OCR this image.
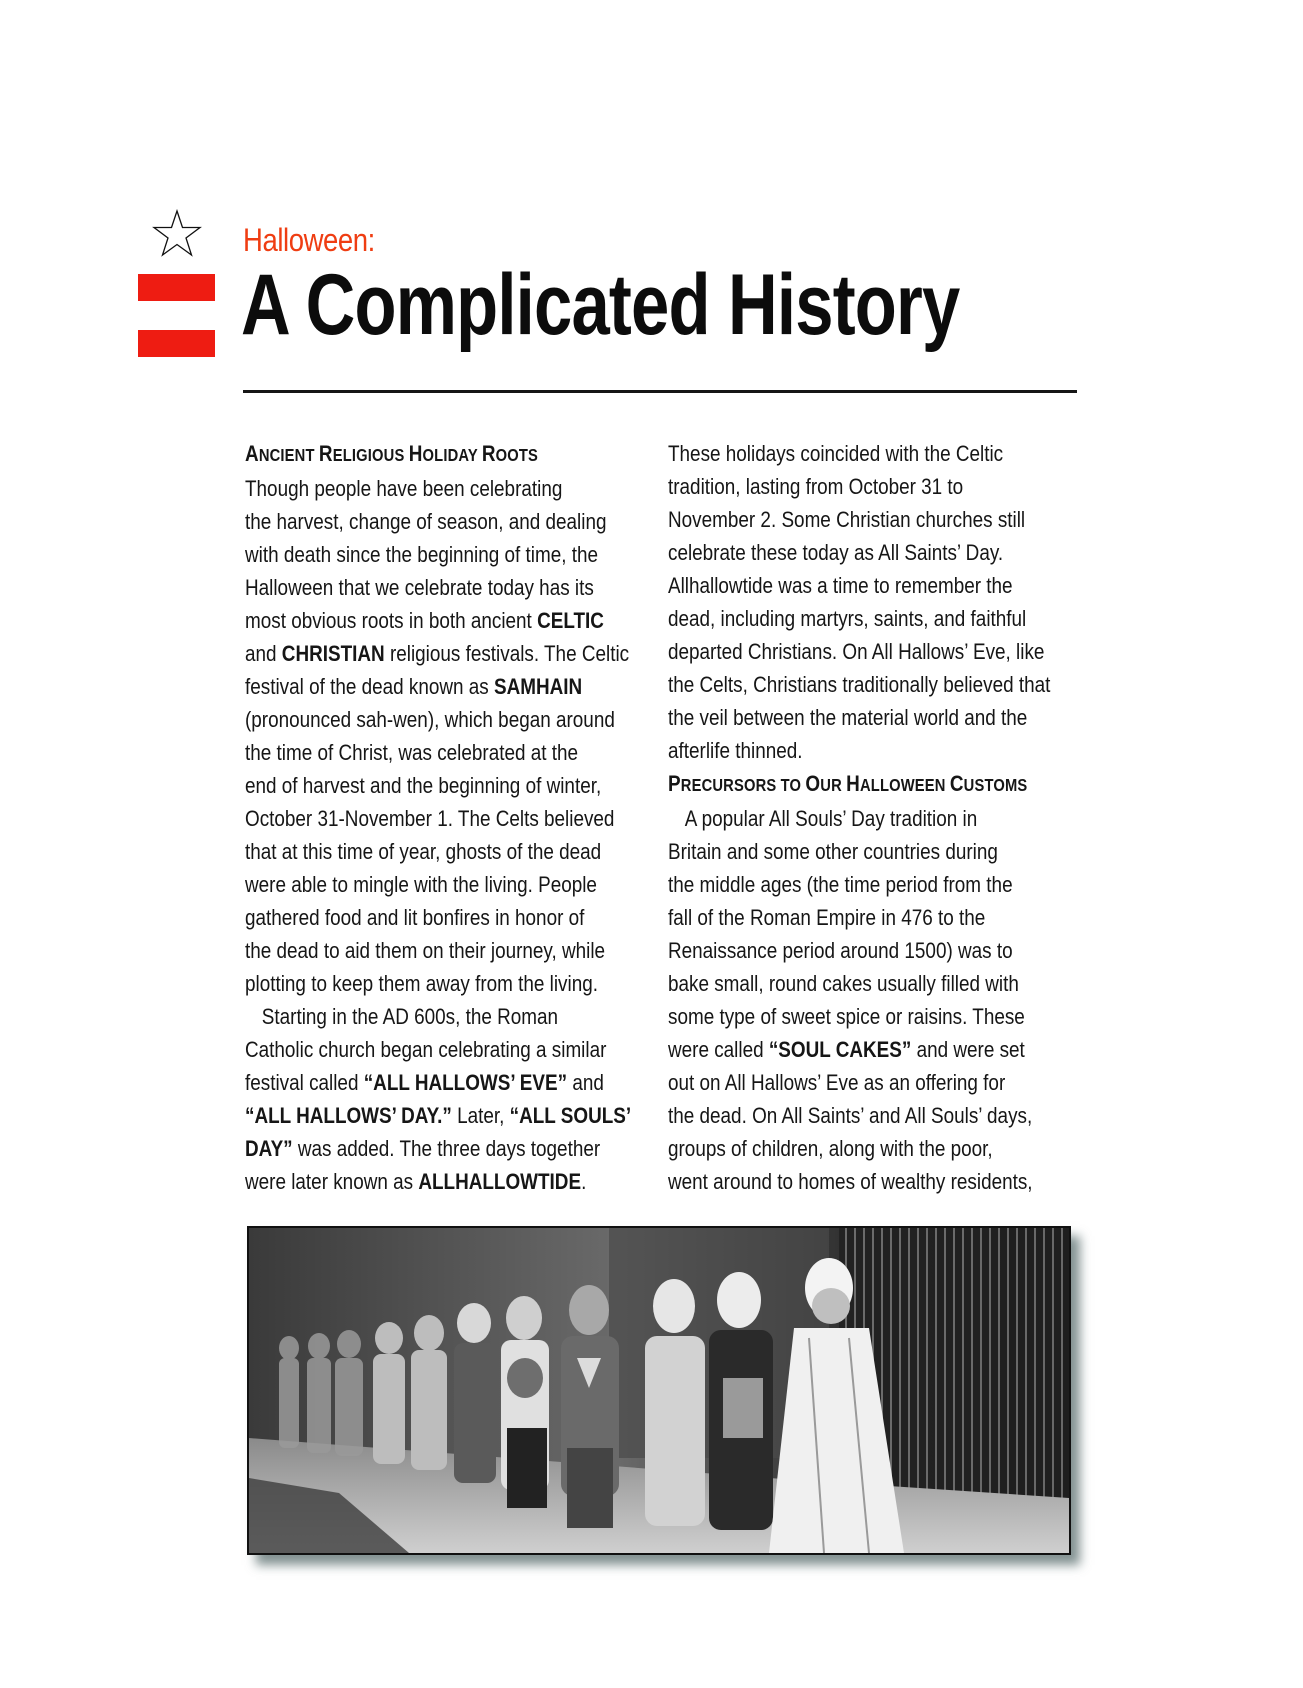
Halloween:
A Complicated History
ANCIENT RELIGIOUS HOLIDAY ROOTS
Though people have been celebrating
the harvest, change of season, and dealing
with death since the beginning of time, the
Halloween that we celebrate today has its
most obvious roots in both ancient CELTIC
and CHRISTIAN religious festivals. The Celtic
festival of the dead known as SAMHAIN
(pronounced sah-wen), which began around
the time of Christ, was celebrated at the
end of harvest and the beginning of winter,
October 31-November 1. The Celts believed
that at this time of year, ghosts of the dead
were able to mingle with the living. People
gathered food and lit bonfires in honor of
the dead to aid them on their journey, while
plotting to keep them away from the living.
Starting in the AD 600s, the Roman
Catholic church began celebrating a similar
festival called “ALL HALLOWS’ EVE” and
“ALL HALLOWS’ DAY.” Later, “ALL SOULS’
DAY” was added. The three days together
were later known as ALLHALLOWTIDE.
These holidays coincided with the Celtic
tradition, lasting from October 31 to
November 2. Some Christian churches still
celebrate these today as All Saints’ Day.
Allhallowtide was a time to remember the
dead, including martyrs, saints, and faithful
departed Christians. On All Hallows’ Eve, like
the Celts, Christians traditionally believed that
the veil between the material world and the
afterlife thinned.
PRECURSORS TO OUR HALLOWEEN CUSTOMS
A popular All Souls’ Day tradition in
Britain and some other countries during
the middle ages (the time period from the
fall of the Roman Empire in 476 to the
Renaissance period around 1500) was to
bake small, round cakes usually filled with
some type of sweet spice or raisins. These
were called “SOUL CAKES” and were set
out on All Hallows’ Eve as an offering for
the dead. On All Saints’ and All Souls’ days,
groups of children, along with the poor,
went around to homes of wealthy residents,
